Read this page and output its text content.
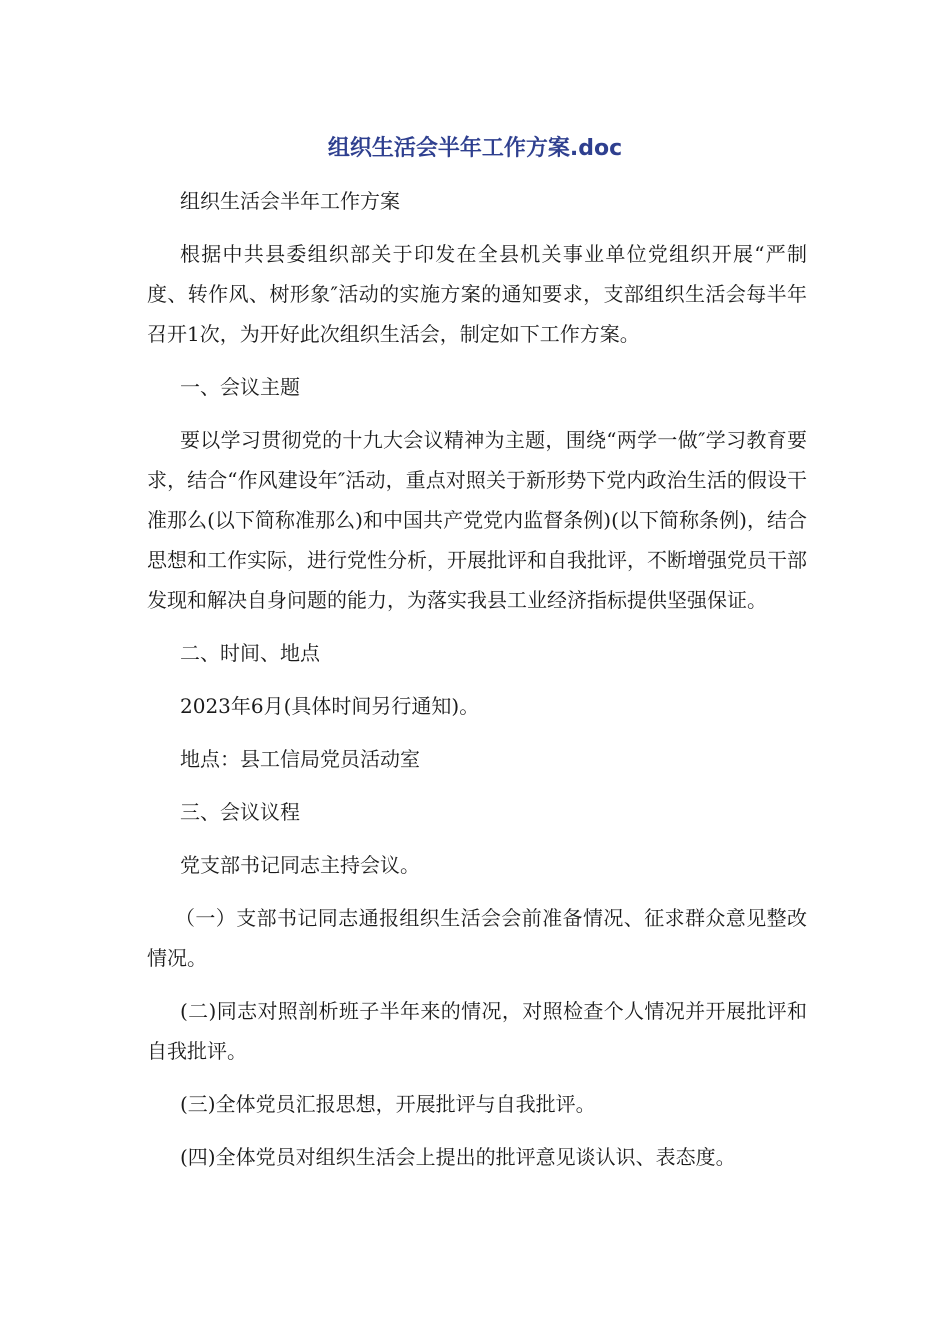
组织生活会半年工作方案.doc

组织生活会半年工作方案

根据中共县委组织部关于印发在全县机关事业单位党组织开展“严制度、转作风、树形象″活动的实施方案的通知要求，支部组织生活会每半年召开1次，为开好此次组织生活会，制定如下工作方案。

一、会议主题

要以学习贯彻党的十九大会议精神为主题，围绕“两学一做″学习教育要求，结合“作风建设年″活动，重点对照关于新形势下党内政治生活的假设干准那么(以下简称准那么)和中国共产党党内监督条例)(以下简称条例)，结合思想和工作实际，进行党性分析，开展批评和自我批评，不断增强党员干部发现和解决自身问题的能力，为落实我县工业经济指标提供坚强保证。

二、时间、地点

2023年6月(具体时间另行通知)。

地点：县工信局党员活动室

三、会议议程

党支部书记同志主持会议。

（一）支部书记同志通报组织生活会会前准备情况、征求群众意见整改情况。

(二)同志对照剖析班子半年来的情况，对照检查个人情况并开展批评和自我批评。

(三)全体党员汇报思想，开展批评与自我批评。

(四)全体党员对组织生活会上提出的批评意见谈认识、表态度。
